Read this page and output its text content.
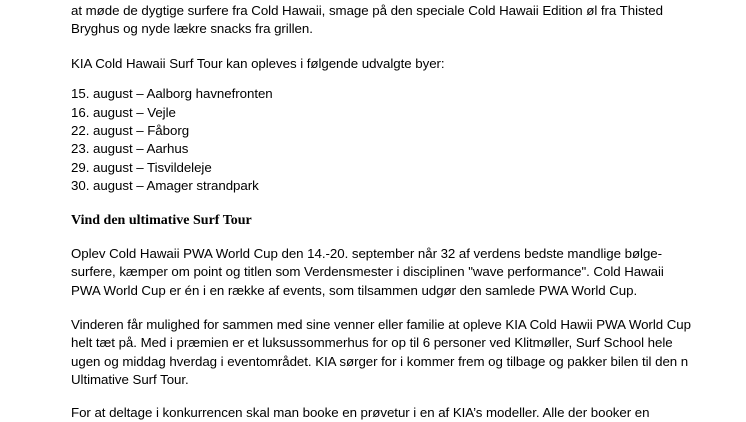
at møde de dygtige surfere fra Cold Hawaii, smage på den speciale Cold Hawaii Edition øl fra Thisted
Bryghus og nyde lækre snacks fra grillen.
KIA Cold Hawaii Surf Tour kan opleves i følgende udvalgte byer:
15. august – Aalborg havnefronten
16. august – Vejle
22. august – Fåborg
23. august – Aarhus
29. august – Tisvildeleje
30. august – Amager strandpark
Vind den ultimative Surf Tour
Oplev Cold Hawaii PWA World Cup den 14.-20. september når 32 af verdens bedste mandlige bølge-
surfere, kæmper om point og titlen som Verdensmester i disciplinen "wave performance". Cold Hawaii
PWA World Cup er én i en række af events, som tilsammen udgør den samlede PWA World Cup.
Vinderen får mulighed for sammen med sine venner eller familie at opleve KIA Cold Hawii PWA World Cup
helt tæt på. Med i præmien er et luksussommerhus for op til 6 personer ved Klitmøller, Surf School hele
ugen og middag hverdag i eventområdet. KIA sørger for i kommer frem og tilbage og pakker bilen til den n
Ultimative Surf Tour.
For at deltage i konkurrencen skal man booke en prøvetur i en af KIA’s modeller. Alle der booker en
